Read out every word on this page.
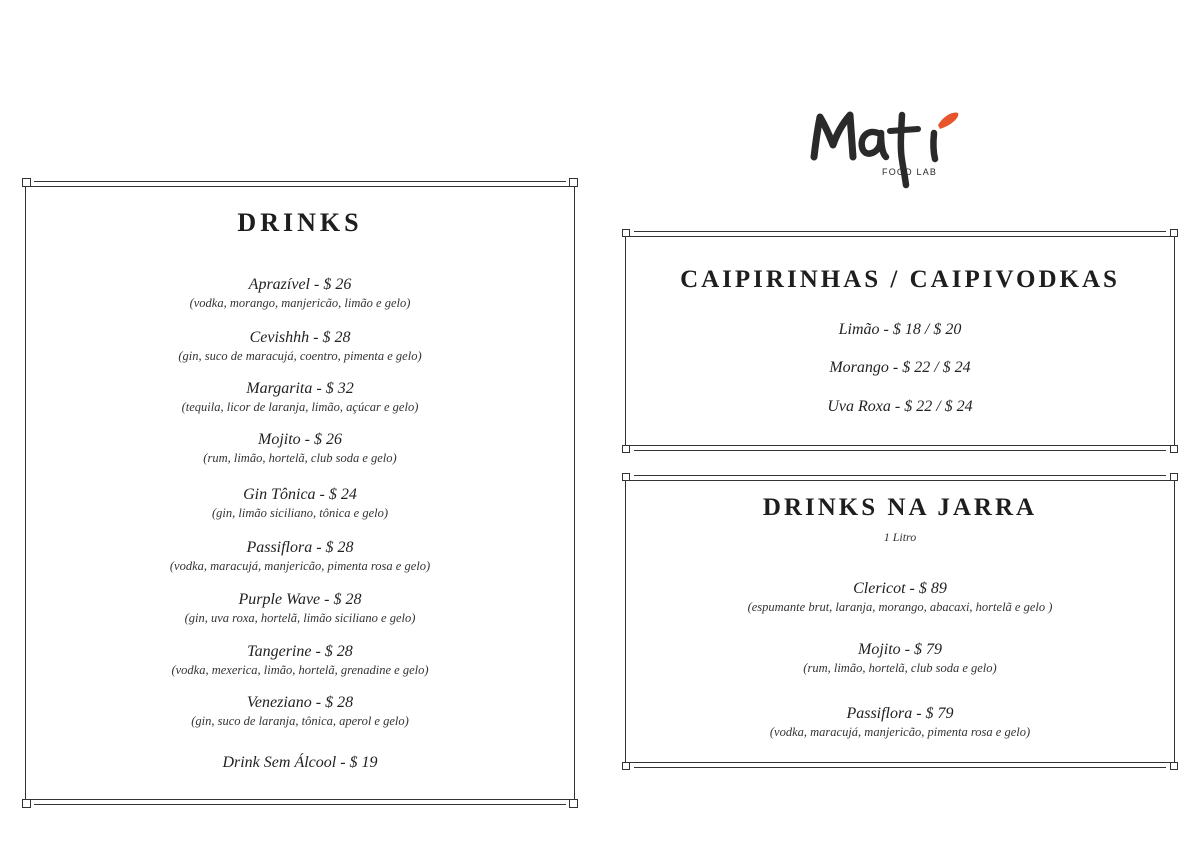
FOOD LAB
DRINKS
Aprazível - $ 26
(vodka, morango, manjericão, limão e gelo)
Cevishhh - $ 28
(gin, suco de maracujá, coentro, pimenta e gelo)
Margarita - $ 32
(tequila, licor de laranja, limão, açúcar e gelo)
Mojito - $ 26
(rum, limão, hortelã, club soda e gelo)
Gin Tônica - $ 24
(gin, limão siciliano, tônica e gelo)
Passiflora - $ 28
(vodka, maracujá, manjericão, pimenta rosa e gelo)
Purple Wave - $ 28
(gin, uva roxa, hortelã, limão siciliano e gelo)
Tangerine - $ 28
(vodka, mexerica, limão, hortelã, grenadine e gelo)
Veneziano - $ 28
(gin, suco de laranja, tônica, aperol e gelo)
Drink Sem Álcool - $ 19
CAIPIRINHAS / CAIPIVODKAS
Limão - $ 18 / $ 20
Morango - $ 22 / $ 24
Uva Roxa - $ 22 / $ 24
DRINKS NA JARRA
1 Litro
Clericot - $ 89
(espumante brut, laranja, morango, abacaxi, hortelã e gelo )
Mojito - $ 79
(rum, limão, hortelã, club soda e gelo)
Passiflora - $ 79
(vodka, maracujá, manjericão, pimenta rosa e gelo)
